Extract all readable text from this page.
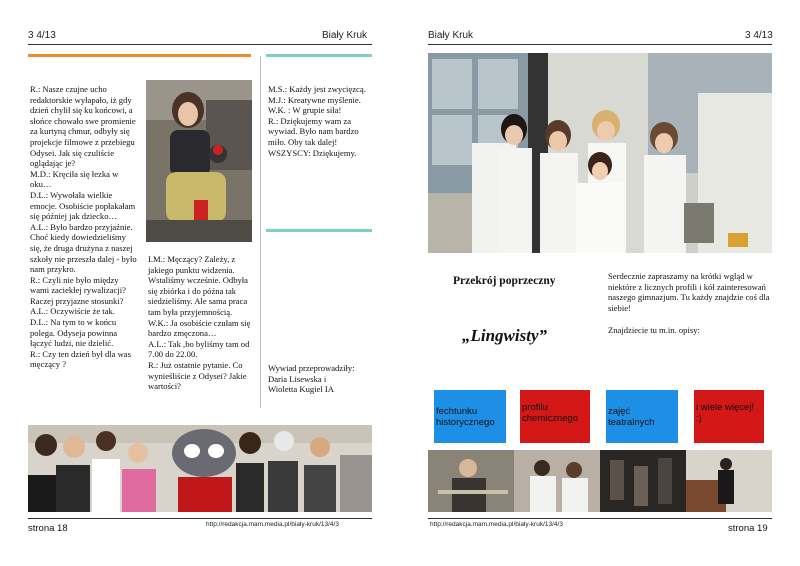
3 4/13	Biały Kruk
R.: Nasze czujne ucho redaktorskie wyłapało, iż gdy dzień chylił się ku końcowi, a słońce chowało swe promienie za kurtyną chmur, odbyły się projekcje filmowe z przebiegu Odysei. Jak się czuliście oglądając je?
M.D.: Kręciła się łezka w oku…
D.L.: Wywołała wielkie emocje. Osobiście popłakałam się później jak dziecko…
A.L.: Było bardzo przyjaźnie. Choć kiedy dowiedzieliśmy się, że druga drużyna z naszej szkoły nie przeszła dalej - było nam przykro.
R.: Czyli nie było między wami zaciekłej rywalizacji? Raczej przyjazne stosunki?
A.L.: Oczywiście że tak.
D.L.: Na tym to w końcu polega. Odyseja powinna łączyć ludzi, nie dzielić.
R.: Czy ten dzień był dla was męczący ?
I.M.: Męczący? Zależy, z jakiego punktu widzenia. Wstaliśmy wcześnie. Odbyła się zbiórka i do późna tak siedzieliśmy. Ale sama praca tam była przyjemnością.
W.K.: Ja osobiście czułam się bardzo zmęczona…
A.L.: Tak ,bo byliśmy tam od 7.00 do 22.00.
R.: Już ostatnie pytanie. Co wynieśliście z Odysei? Jakie wartości?
M.S.: Każdy jest zwycięzcą.
M.J.: Kreatywne myślenie.
W.K. : W grupie siła!
R.: Dziękujemy wam za wywiad. Było nam bardzo miło. Oby tak dalej!
WSZYSCY: Dziękujemy.
Wywiad przeprowadziły:
Daria Lisewska i
Wioletta Kugiel IA
strona 18	http://redakcja.mam.media.pl/bialy-kruk/13/4/3
Biały Kruk	3 4/13
Przekrój poprzeczny
„Lingwisty”
Serdecznie zapraszamy na krótki wgląd w niektóre z licznych profili i kół zainteresowań naszego gimnazjum. Tu każdy znajdzie coś dla siebie!
Znajdziecie tu m.in. opisy:
fechtunku historycznego
profilu chemicznego
zajęć teatralnych
i wiele więcej! :)
http://redakcja.mam.media.pl/bialy-kruk/13/4/3	strona 19
